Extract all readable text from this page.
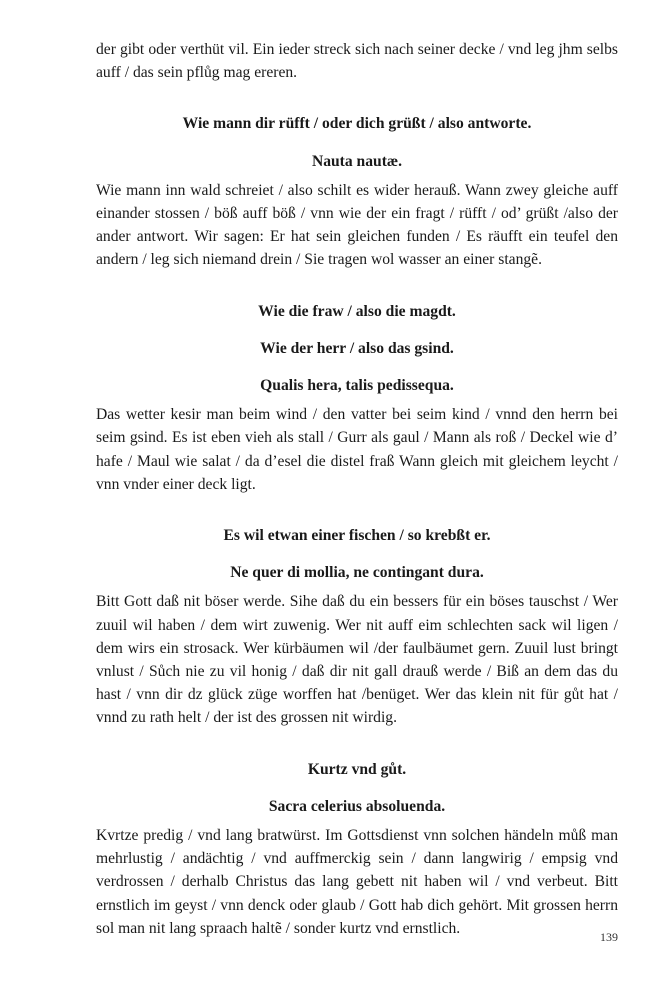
der gibt oder verthüt vil. Ein ieder streck sich nach seiner decke / vnd leg jhm selbs auff / das sein pflůg mag ereren.

Wie mann dir rüfft / oder dich grüßt / also antworte.

Nauta nautæ.

Wie mann inn wald schreiet / also schilt es wider herauß. Wann zwey gleiche auff einander stossen / böß auff böß / vnn wie der ein fragt / rüfft / od’ grüßt /also der ander antwort. Wir sagen: Er hat sein gleichen funden / Es räufft ein teufel den andern / leg sich niemand drein / Sie tragen wol wasser an einer stangẽ.

Wie die fraw / also die magdt.

Wie der herr / also das gsind.

Qualis hera, talis pedissequa.

Das wetter kesir man beim wind / den vatter bei seim kind / vnnd den herrn bei seim gsind. Es ist eben vieh als stall / Gurr als gaul / Mann als roß / Deckel wie d’ hafe / Maul wie salat / da d’esel die distel fraß Wann gleich mit gleichem leycht / vnn vnder einer deck ligt.

Es wil etwan einer fischen / so krebßt er.

Ne quer di mollia, ne contingant dura.

Bitt Gott daß nit böser werde. Sihe daß du ein bessers für ein böses tauschst / Wer zuuil wil haben / dem wirt zuwenig. Wer nit auff eim schlechten sack wil ligen / dem wirs ein strosack. Wer kürbäumen wil /der faulbäumet gern. Zuuil lust bringt vnlust / Sůch nie zu vil honig / daß dir nit gall drauß werde / Biß an dem das du hast / vnn dir dz glück züge worffen hat /benüget. Wer das klein nit für gůt hat / vnnd zu rath helt / der ist des grossen nit wirdig.

Kurtz vnd gůt.

Sacra celerius absoluenda.

Kvrtze predig / vnd lang bratwürst. Im Gottsdienst vnn solchen händeln můß man mehrlustig / andächtig / vnd auffmerckig sein / dann langwirig / empsig vnd verdrossen / derhalb Christus das lang gebett nit haben wil / vnd verbeut. Bitt ernstlich im geyst / vnn denck oder glaub / Gott hab dich gehört. Mit grossen herrn sol man nit lang spraach haltẽ / sonder kurtz vnd ernstlich.

139
